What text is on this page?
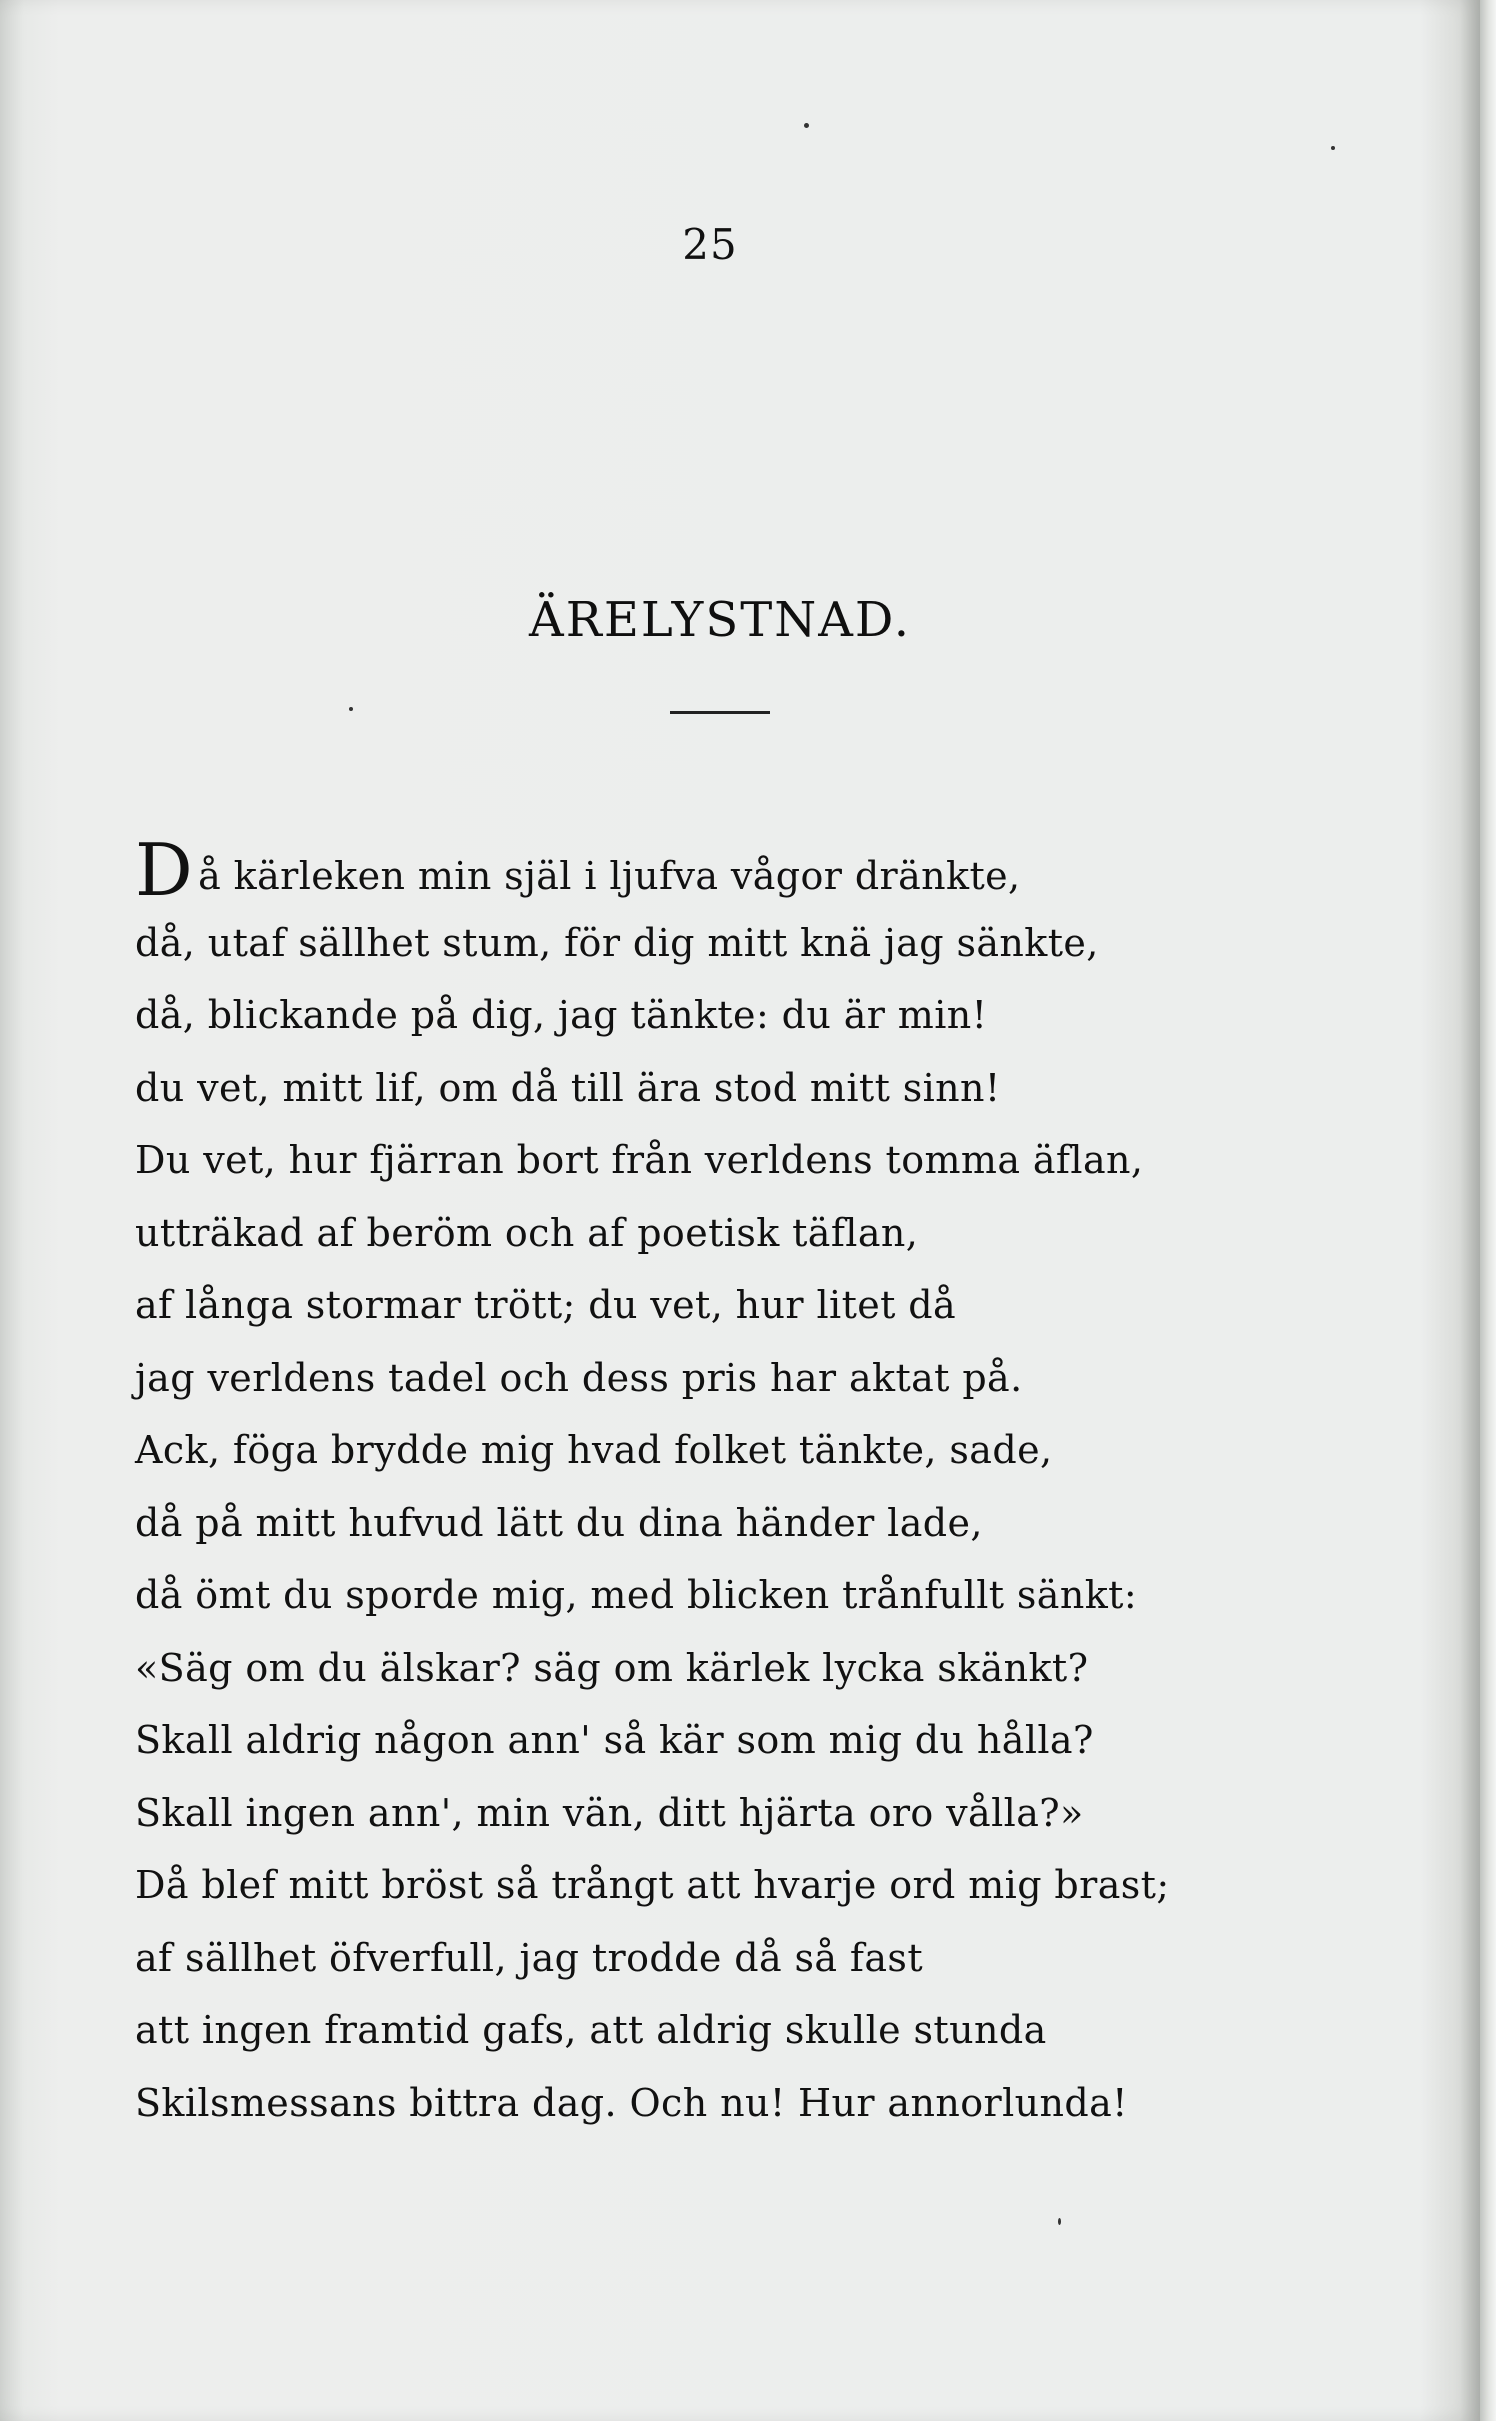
25
ÄRELYSTNAD.
Då kärleken min själ i ljufva vågor dränkte,
då, utaf sällhet stum, för dig mitt knä jag sänkte,
då, blickande på dig, jag tänkte: du är min!
du vet, mitt lif, om då till ära stod mitt sinn!
Du vet, hur fjärran bort från verldens tomma äflan,
utträkad af beröm och af poetisk täflan,
af långa stormar trött; du vet, hur litet då
jag verldens tadel och dess pris har aktat på.
Ack, föga brydde mig hvad folket tänkte, sade,
då på mitt hufvud lätt du dina händer lade,
då ömt du sporde mig, med blicken trånfullt sänkt:
«Säg om du älskar? säg om kärlek lycka skänkt?
Skall aldrig någon ann' så kär som mig du hålla?
Skall ingen ann', min vän, ditt hjärta oro vålla?»
Då blef mitt bröst så trångt att hvarje ord mig brast;
af sällhet öfverfull, jag trodde då så fast
att ingen framtid gafs, att aldrig skulle stunda
Skilsmessans bittra dag. Och nu! Hur annorlunda!
